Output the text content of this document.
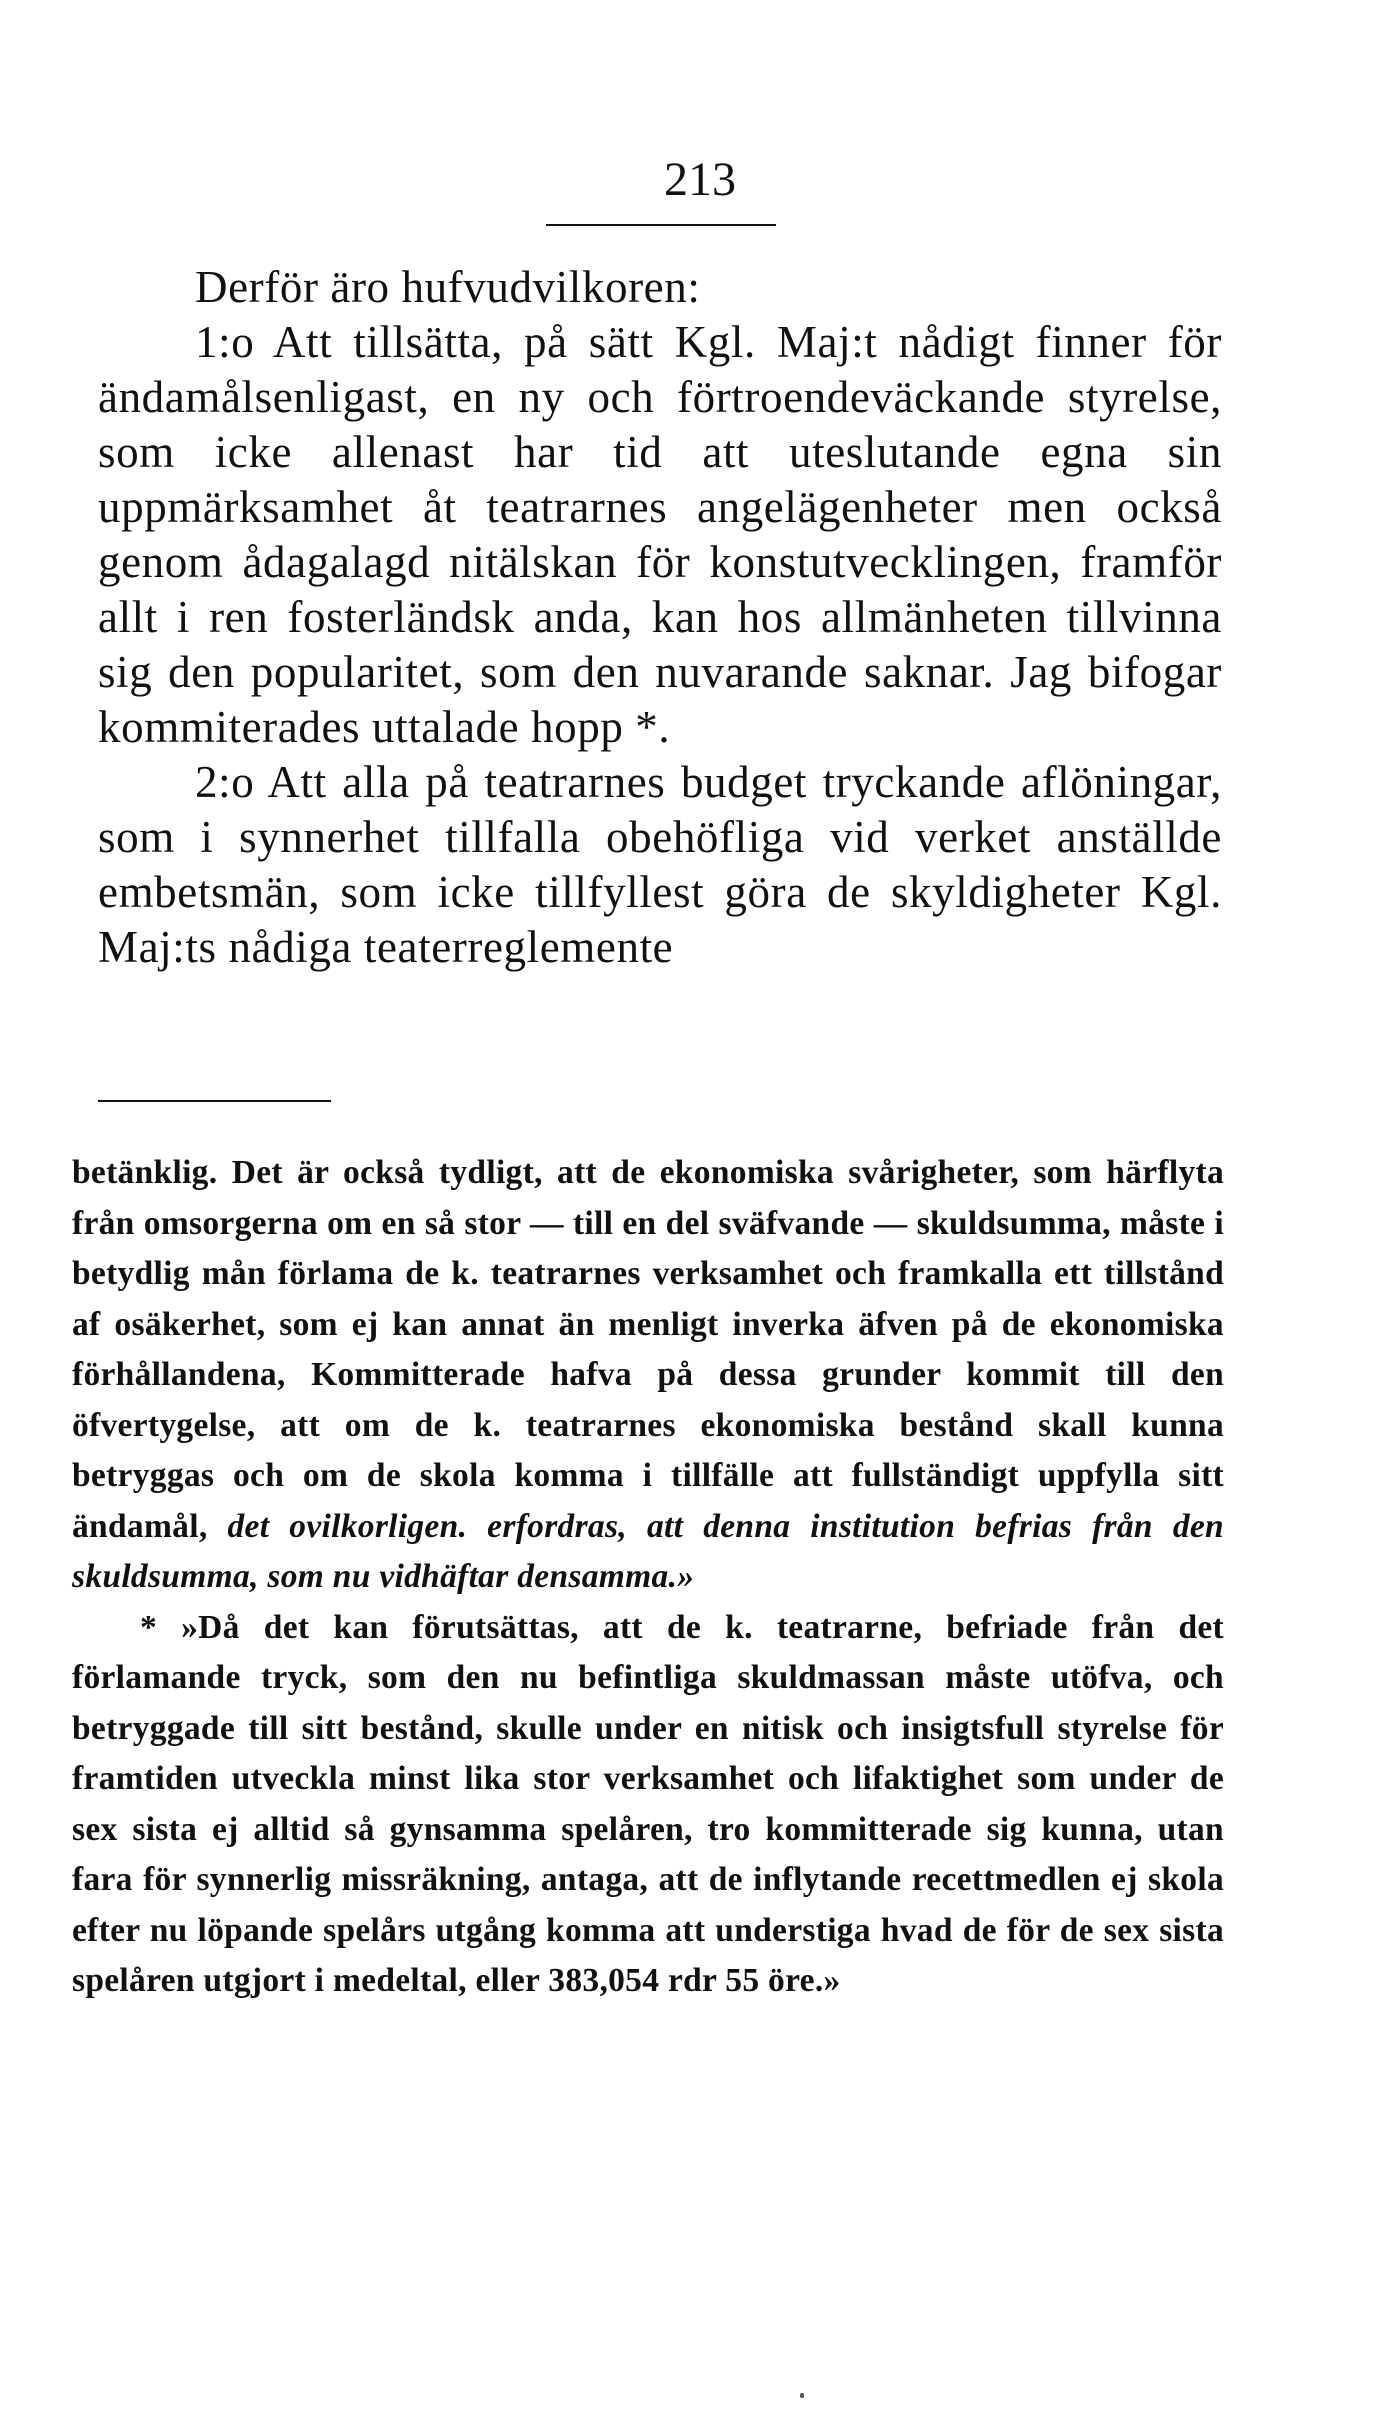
213

Derför äro hufvudvilkoren:

1:o Att tillsätta, på sätt Kgl. Maj:t nådigt finner för ändamålsenligast, en ny och förtroendeväckande styrelse, som icke allenast har tid att uteslutande egna sin uppmärksamhet åt teatrarnes angelägenheter men också genom ådagalagd nitälskan för konstutvecklingen, framför allt i ren fosterländsk anda, kan hos allmänheten tillvinna sig den popularitet, som den nuvarande saknar. Jag bifogar kommiterades uttalade hopp *.

2:o Att alla på teatrarnes budget tryckande aflöningar, som i synnerhet tillfalla obehöfliga vid verket anställde embetsmän, som icke tillfyllest göra de skyldigheter Kgl. Maj:ts nådiga teaterreglemente

betänklig. Det är också tydligt, att de ekonomiska svårigheter, som härflyta från omsorgerna om en så stor — till en del sväfvande — skuldsumma, måste i betydlig mån förlama de k. teatrarnes verksamhet och framkalla ett tillstånd af osäkerhet, som ej kan annat än menligt inverka äfven på de ekonomiska förhållandena, Kommitterade hafva på dessa grunder kommit till den öfvertygelse, att om de k. teatrarnes ekonomiska bestånd skall kunna betryggas och om de skola komma i tillfälle att fullständigt uppfylla sitt ändamål, det ovilkorligen. erfordras, att denna institution befrias från den skuldsumma, som nu vidhäftar densamma.»

* »Då det kan förutsättas, att de k. teatrarne, befriade från det förlamande tryck, som den nu befintliga skuldmassan måste utöfva, och betryggade till sitt bestånd, skulle under en nitisk och insigtsfull styrelse för framtiden utveckla minst lika stor verksamhet och lifaktighet som under de sex sista ej alltid så gynsamma spelåren, tro kommitterade sig kunna, utan fara för synnerlig missräkning, antaga, att de inflytande recettmedlen ej skola efter nu löpande spelårs utgång komma att understiga hvad de för de sex sista spelåren utgjort i medeltal, eller 383,054 rdr 55 öre.»
